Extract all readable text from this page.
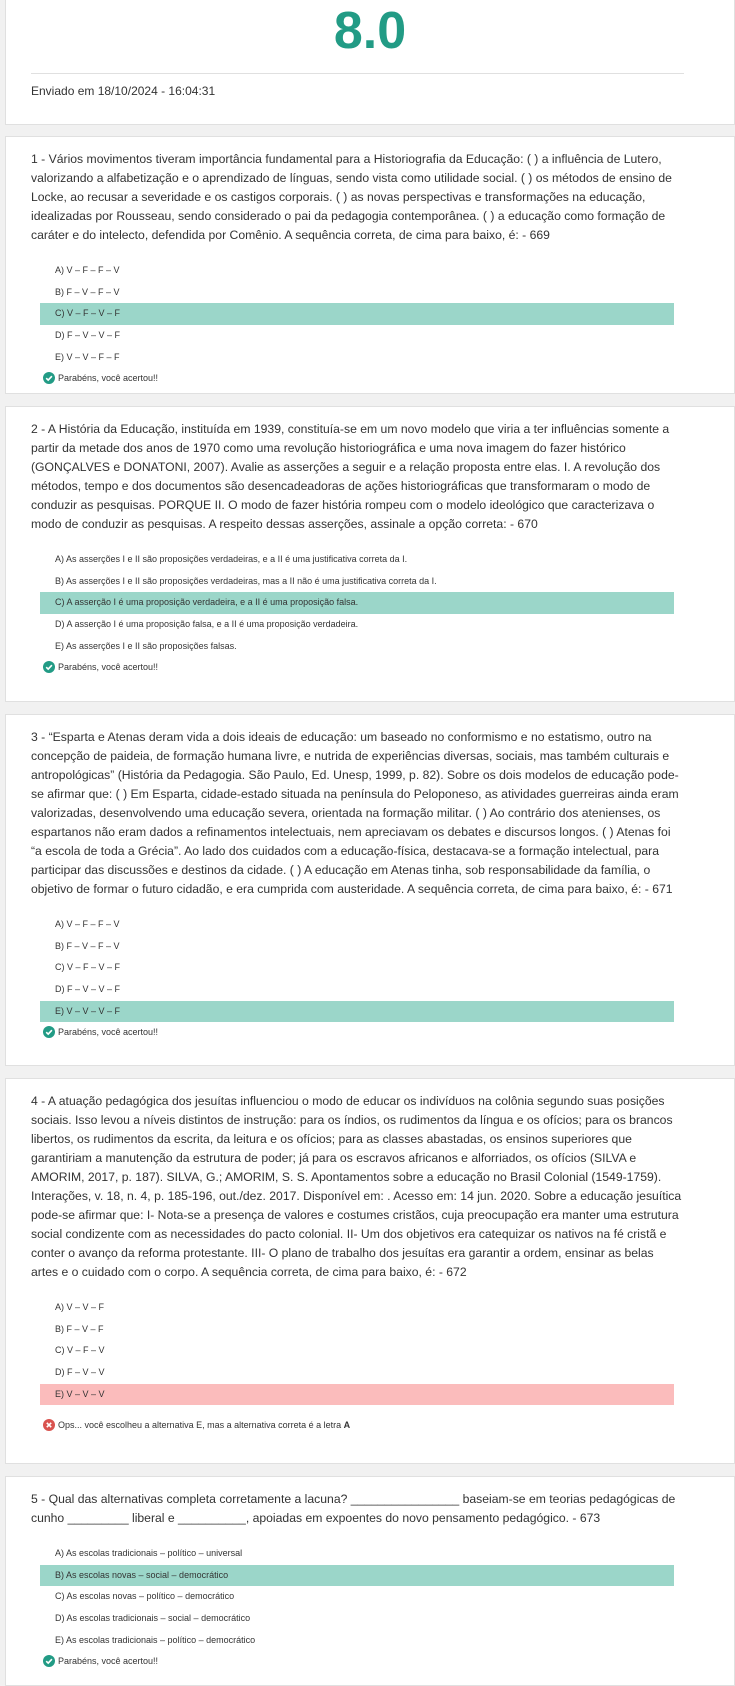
8.0
Enviado em 18/10/2024 - 16:04:31
1 - Vários movimentos tiveram importância fundamental para a Historiografia da Educação: ( ) a influência de Lutero, valorizando a alfabetização e o aprendizado de línguas, sendo vista como utilidade social. ( ) os métodos de ensino de Locke, ao recusar a severidade e os castigos corporais. ( ) as novas perspectivas e transformações na educação, idealizadas por Rousseau, sendo considerado o pai da pedagogia contemporânea. ( ) a educação como formação de caráter e do intelecto, defendida por Comênio. A sequência correta, de cima para baixo, é: - 669
A) V – F – F – V
B) F – V – F – V
C) V – F – V – F
D) F – V – V – F
E) V – V – F – F
Parabéns, você acertou!!
2 - A História da Educação, instituída em 1939, constituía-se em um novo modelo que viria a ter influências somente a partir da metade dos anos de 1970 como uma revolução historiográfica e uma nova imagem do fazer histórico (GONÇALVES e DONATONI, 2007). Avalie as asserções a seguir e a relação proposta entre elas. I. A revolução dos métodos, tempo e dos documentos são desencadeadoras de ações historiográficas que transformaram o modo de conduzir as pesquisas. PORQUE II. O modo de fazer história rompeu com o modelo ideológico que caracterizava o modo de conduzir as pesquisas. A respeito dessas asserções, assinale a opção correta: - 670
A) As asserções I e II são proposições verdadeiras, e a II é uma justificativa correta da I.
B) As asserções I e II são proposições verdadeiras, mas a II não é uma justificativa correta da I.
C) A asserção I é uma proposição verdadeira, e a II é uma proposição falsa.
D) A asserção I é uma proposição falsa, e a II é uma proposição verdadeira.
E) As asserções I e II são proposições falsas.
Parabéns, você acertou!!
3 - “Esparta e Atenas deram vida a dois ideais de educação: um baseado no conformismo e no estatismo, outro na concepção de paideia, de formação humana livre, e nutrida de experiências diversas, sociais, mas também culturais e antropológicas” (História da Pedagogia. São Paulo, Ed. Unesp, 1999, p. 82). Sobre os dois modelos de educação pode-se afirmar que: ( ) Em Esparta, cidade-estado situada na península do Peloponeso, as atividades guerreiras ainda eram valorizadas, desenvolvendo uma educação severa, orientada na formação militar. ( ) Ao contrário dos atenienses, os espartanos não eram dados a refinamentos intelectuais, nem apreciavam os debates e discursos longos. ( ) Atenas foi “a escola de toda a Grécia”. Ao lado dos cuidados com a educação-física, destacava-se a formação intelectual, para participar das discussões e destinos da cidade. ( ) A educação em Atenas tinha, sob responsabilidade da família, o objetivo de formar o futuro cidadão, e era cumprida com austeridade. A sequência correta, de cima para baixo, é: - 671
A) V – F – F – V
B) F – V – F – V
C) V – F – V – F
D) F – V – V – F
E) V – V – V – F
Parabéns, você acertou!!
4 - A atuação pedagógica dos jesuítas influenciou o modo de educar os indivíduos na colônia segundo suas posições sociais. Isso levou a níveis distintos de instrução: para os índios, os rudimentos da língua e os ofícios; para os brancos libertos, os rudimentos da escrita, da leitura e os ofícios; para as classes abastadas, os ensinos superiores que garantiriam a manutenção da estrutura de poder; já para os escravos africanos e alforriados, os ofícios (SILVA e AMORIM, 2017, p. 187). SILVA, G.; AMORIM, S. S. Apontamentos sobre a educação no Brasil Colonial (1549-1759). Interações, v. 18, n. 4, p. 185-196, out./dez. 2017. Disponível em: . Acesso em: 14 jun. 2020. Sobre a educação jesuítica pode-se afirmar que: I- Nota-se a presença de valores e costumes cristãos, cuja preocupação era manter uma estrutura social condizente com as necessidades do pacto colonial. II- Um dos objetivos era catequizar os nativos na fé cristã e conter o avanço da reforma protestante. III- O plano de trabalho dos jesuítas era garantir a ordem, ensinar as belas artes e o cuidado com o corpo. A sequência correta, de cima para baixo, é: - 672
A) V – V – F
B) F – V – F
C) V – F – V
D) F – V – V
E) V – V – V
Ops... você escolheu a alternativa E, mas a alternativa correta é a letra A
5 - Qual das alternativas completa corretamente a lacuna? ________________ baseiam-se em teorias pedagógicas de cunho _________ liberal e __________, apoiadas em expoentes do novo pensamento pedagógico. - 673
A) As escolas tradicionais – político – universal
B) As escolas novas – social – democrático
C) As escolas novas – político – democrático
D) As escolas tradicionais – social – democrático
E) As escolas tradicionais – político – democrático
Parabéns, você acertou!!
